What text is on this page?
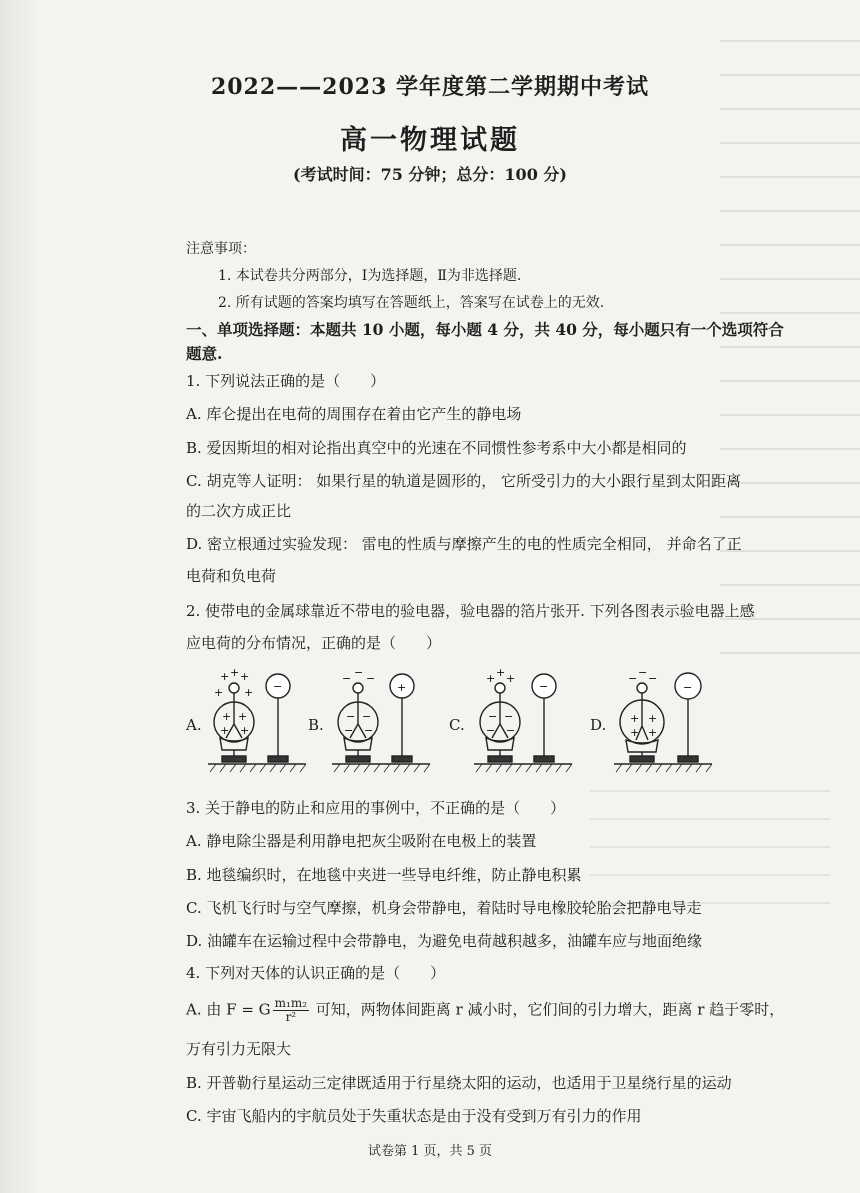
2022——2023 学年度第二学期期中考试
高一物理试题
(考试时间：75 分钟；总分：100 分)
注意事项：
1. 本试卷共分两部分，Ⅰ为选择题，Ⅱ为非选择题.
2. 所有试题的答案均填写在答题纸上，答案写在试卷上的无效.
一、单项选择题：本题共 10 小题，每小题 4 分，共 40 分，每小题只有一个选项符合
题意.
1. 下列说法正确的是（　　）
A. 库仑提出在电荷的周围存在着由它产生的静电场
B. 爱因斯坦的相对论指出真空中的光速在不同惯性参考系中大小都是相同的
C. 胡克等人证明： 如果行星的轨道是圆形的， 它所受引力的大小跟行星到太阳距离
的二次方成正比
D. 密立根通过实验发现： 雷电的性质与摩擦产生的电的性质完全相同， 并命名了正
电荷和负电荷
2. 使带电的金属球靠近不带电的验电器，验电器的箔片张开. 下列各图表示验电器上感
应电荷的分布情况，正确的是（　　）
A.	B.	C.	D.
+ + +
+ +
+ +
+ +
−
− − −
− −
− −
+
+ + +
− −
− −
−
− − −
+ +
+ +
−
3. 关于静电的防止和应用的事例中，不正确的是（　　）
A. 静电除尘器是利用静电把灰尘吸附在电极上的装置
B. 地毯编织时，在地毯中夹进一些导电纤维，防止静电积累
C. 飞机飞行时与空气摩擦，机身会带静电，着陆时导电橡胶轮胎会把静电导走
D. 油罐车在运输过程中会带静电，为避免电荷越积越多，油罐车应与地面绝缘
4. 下列对天体的认识正确的是（　　）
A. 由 F = G $\frac{\text{m₁m₂}}{\text{r²}}$ 可知，两物体间距离 r 减小时，它们间的引力增大，距离 r 趋于零时，
万有引力无限大
B. 开普勒行星运动三定律既适用于行星绕太阳的运动，也适用于卫星绕行星的运动
C. 宇宙飞船内的宇航员处于失重状态是由于没有受到万有引力的作用
试卷第 1 页，共 5 页
